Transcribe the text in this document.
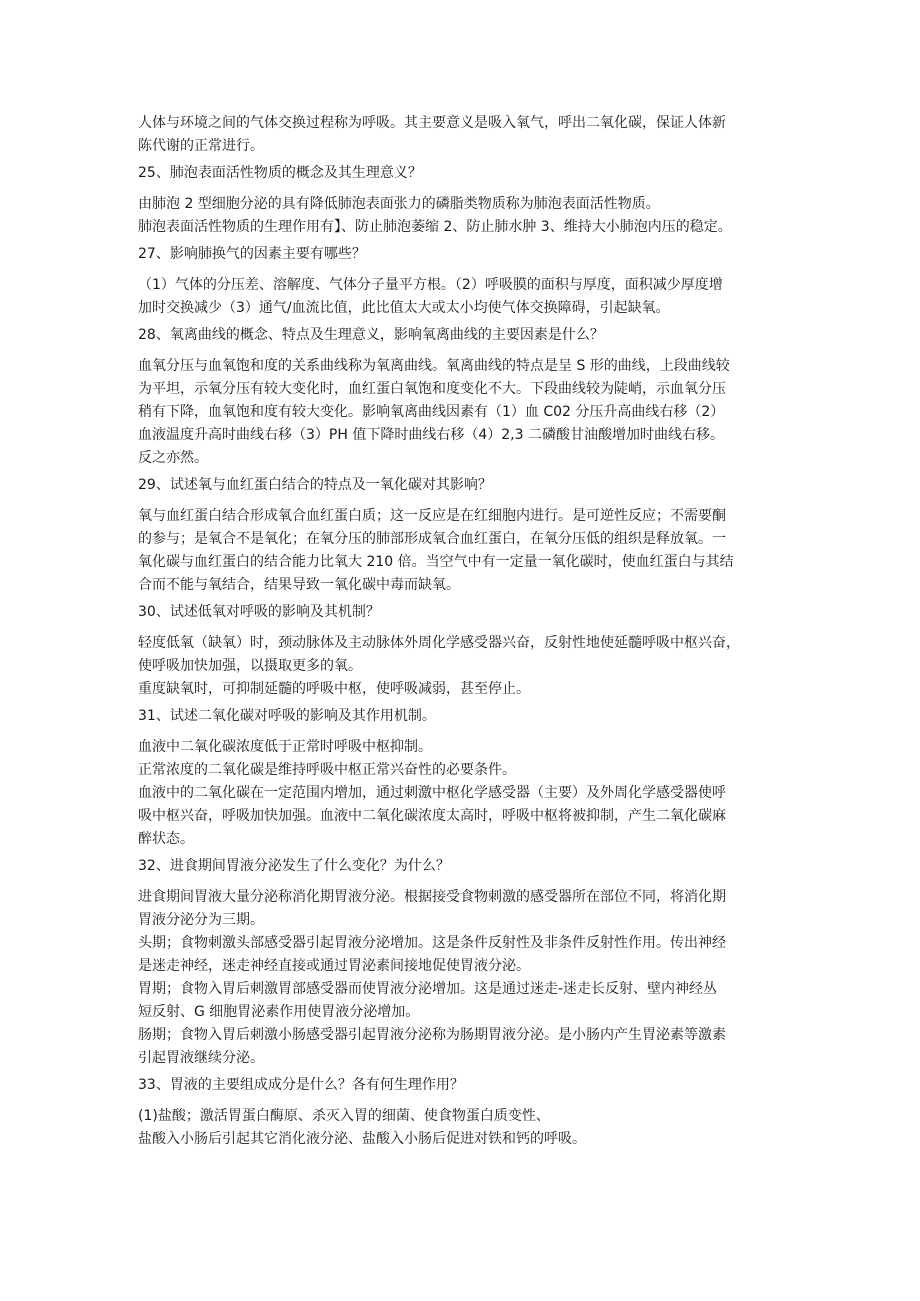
人体与环境之间的气体交换过程称为呼吸。其主要意义是吸入氧气，呼出二氧化碳，保证人体新
陈代谢的正常进行。
25、肺泡表面活性物质的概念及其生理意义？
由肺泡 2 型细胞分泌的具有降低肺泡表面张力的磷脂类物质称为肺泡表面活性物质。
肺泡表面活性物质的生理作用有】、防止肺泡萎缩 2、防止肺水肿 3、维持大小肺泡内压的稳定。
27、影响肺换气的因素主要有哪些？
（1）气体的分压差、溶解度、气体分子量平方根。（2）呼吸膜的面积与厚度，面积减少厚度增
加时交换减少（3）通气/血流比值，此比值太大或太小均使气体交换障碍，引起缺氧。
28、氧离曲线的概念、特点及生理意义，影响氧离曲线的主要因素是什么？
血氧分压与血氧饱和度的关系曲线称为氧离曲线。氧离曲线的特点是呈 S 形的曲线，上段曲线较
为平坦，示氧分压有较大变化时，血红蛋白氧饱和度变化不大。下段曲线较为陡峭，示血氧分压
稍有下降，血氧饱和度有较大变化。影响氧离曲线因素有（1）血 C02 分压升高曲线右移（2）
血液温度升高时曲线右移（3）PH 值下降时曲线右移（4）2,3 二磷酸甘油酸增加时曲线右移。
反之亦然。
29、试述氧与血红蛋白结合的特点及一氧化碳对其影响？
氧与血红蛋白结合形成氧合血红蛋白质；这一反应是在红细胞内进行。是可逆性反应；不需要酮
的参与；是氧合不是氧化；在氧分压的肺部形成氧合血红蛋白，在氧分压低的组织是释放氧。一
氧化碳与血红蛋白的结合能力比氧大 210 倍。当空气中有一定量一氧化碳时，使血红蛋白与其结
合而不能与氧结合，结果导致一氧化碳中毒而缺氧。
30、试述低氧对呼吸的影响及其机制？
轻度低氧（缺氧）时，颈动脉体及主动脉体外周化学感受器兴奋，反射性地使延髓呼吸中枢兴奋，
使呼吸加快加强，以摄取更多的氧。
重度缺氧时，可抑制延髓的呼吸中枢，使呼吸减弱，甚至停止。
31、试述二氧化碳对呼吸的影响及其作用机制。
血液中二氧化碳浓度低于正常时呼吸中枢抑制。
正常浓度的二氧化碳是维持呼吸中枢正常兴奋性的必要条件。
血液中的二氧化碳在一定范围内增加，通过刺激中枢化学感受器（主要）及外周化学感受器使呼
吸中枢兴奋，呼吸加快加强。血液中二氧化碳浓度太高时，呼吸中枢将被抑制，产生二氧化碳麻
醉状态。
32、进食期间胃液分泌发生了什么变化？为什么？
进食期间胃液大量分泌称消化期胃液分泌。根据接受食物刺激的感受器所在部位不同，将消化期
胃液分泌分为三期。
头期；食物刺激头部感受器引起胃液分泌增加。这是条件反射性及非条件反射性作用。传出神经
是迷走神经，迷走神经直接或通过胃泌素间接地促使胃液分泌。
胃期；食物入胃后刺激胃部感受器而使胃液分泌增加。这是通过迷走-迷走长反射、壁内神经丛
短反射、G 细胞胃泌素作用使胃液分泌增加。
肠期；食物入胃后刺激小肠感受器引起胃液分泌称为肠期胃液分泌。是小肠内产生胃泌素等激素
引起胃液继续分泌。
33、胃液的主要组成成分是什么？各有何生理作用？
(1)盐酸；激活胃蛋白酶原、杀灭入胃的细菌、使食物蛋白质变性、
盐酸入小肠后引起其它消化液分泌、盐酸入小肠后促进对铁和钙的呼吸。
